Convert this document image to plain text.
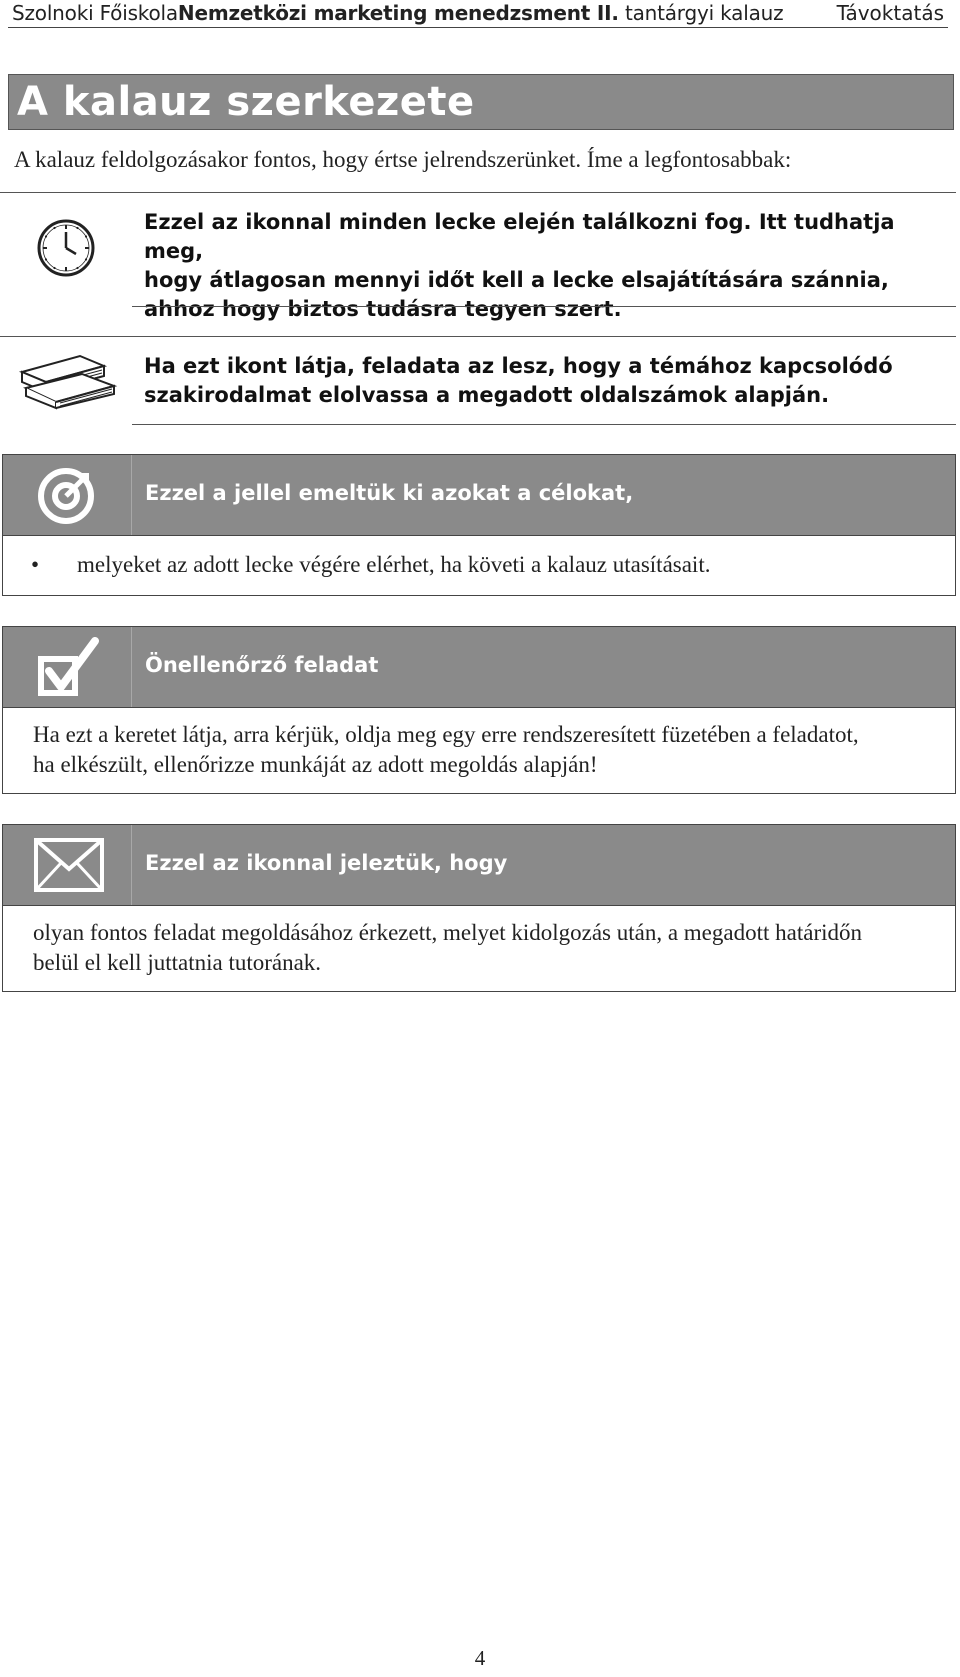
Szolnoki FőiskolaNemzetközi marketing menedzsment II. tantárgyi kalauz	Távoktatás
A kalauz szerkezete
A kalauz feldolgozásakor fontos, hogy értse jelrendszerünket. Íme a legfontosabbak:
Ezzel az ikonnal minden lecke elején találkozni fog. Itt tudhatja meg,
hogy átlagosan mennyi időt kell a lecke elsajátítására szánnia,
ahhoz hogy biztos tudásra tegyen szert.
Ha ezt ikont látja, feladata az lesz, hogy a témához kapcsolódó
szakirodalmat elolvassa a megadott oldalszámok alapján.
Ezzel a jellel emeltük ki azokat a célokat,
• melyeket az adott lecke végére elérhet, ha követi a kalauz utasításait.
Önellenőrző feladat
Ha ezt a keretet látja, arra kérjük, oldja meg egy erre rendszeresített füzetében a feladatot,
ha elkészült, ellenőrizze munkáját az adott megoldás alapján!
Ezzel az ikonnal jeleztük, hogy
olyan fontos feladat megoldásához érkezett, melyet kidolgozás után, a megadott határidőn
belül el kell juttatnia tutorának.
4
